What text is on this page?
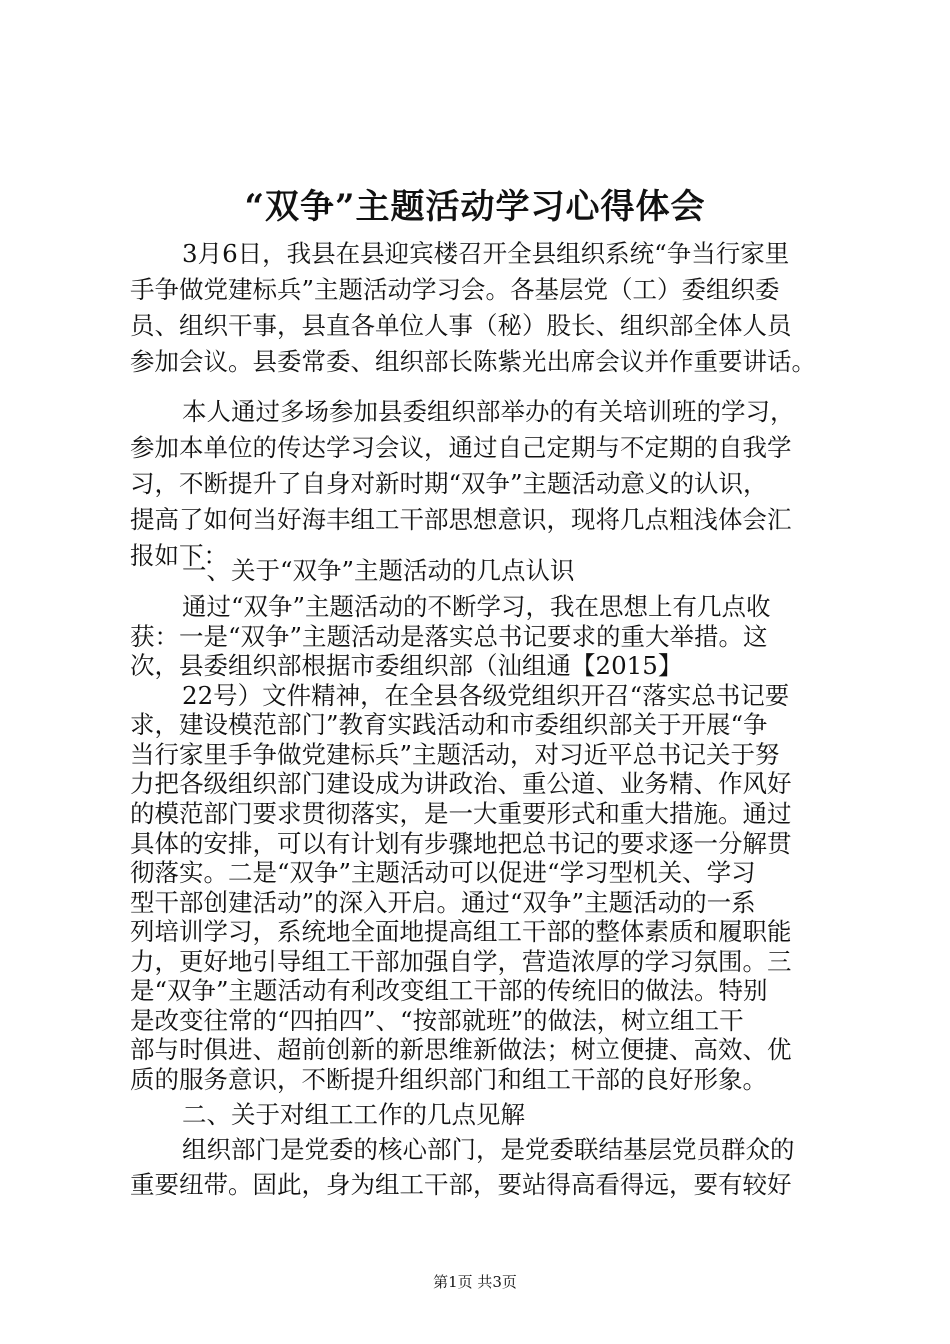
“双争”主题活动学习心得体会
3月6日，我县在县迎宾楼召开全县组织系统“争当行家里
手争做党建标兵”主题活动学习会。各基层党（工）委组织委
员、组织干事，县直各单位人事（秘）股长、组织部全体人员
参加会议。县委常委、组织部长陈紫光出席会议并作重要讲话。
本人通过多场参加县委组织部举办的有关培训班的学习，
参加本单位的传达学习会议，通过自己定期与不定期的自我学
习，不断提升了自身对新时期“双争”主题活动意义的认识，
提高了如何当好海丰组工干部思想意识，现将几点粗浅体会汇
报如下：
一、关于“双争”主题活动的几点认识
通过“双争”主题活动的不断学习，我在思想上有几点收
获：一是“双争”主题活动是落实总书记要求的重大举措。这
次，县委组织部根据市委组织部（汕组通【2015】
22号）文件精神，在全县各级党组织开召“落实总书记要
求，建设模范部门”教育实践活动和市委组织部关于开展“争
当行家里手争做党建标兵”主题活动，对习近平总书记关于努
力把各级组织部门建设成为讲政治、重公道、业务精、作风好
的模范部门要求贯彻落实，是一大重要形式和重大措施。通过
具体的安排，可以有计划有步骤地把总书记的要求逐一分解贯
彻落实。二是“双争”主题活动可以促进“学习型机关、学习
型干部创建活动”的深入开启。通过“双争”主题活动的一系
列培训学习，系统地全面地提高组工干部的整体素质和履职能
力，更好地引导组工干部加强自学，营造浓厚的学习氛围。三
是“双争”主题活动有利改变组工干部的传统旧的做法。特别
是改变往常的“四拍四”、“按部就班”的做法，树立组工干
部与时俱进、超前创新的新思维新做法；树立便捷、高效、优
质的服务意识，不断提升组织部门和组工干部的良好形象。
二、关于对组工工作的几点见解
组织部门是党委的核心部门，是党委联结基层党员群众的
重要纽带。固此，身为组工干部，要站得高看得远，要有较好
第1页 共3页
